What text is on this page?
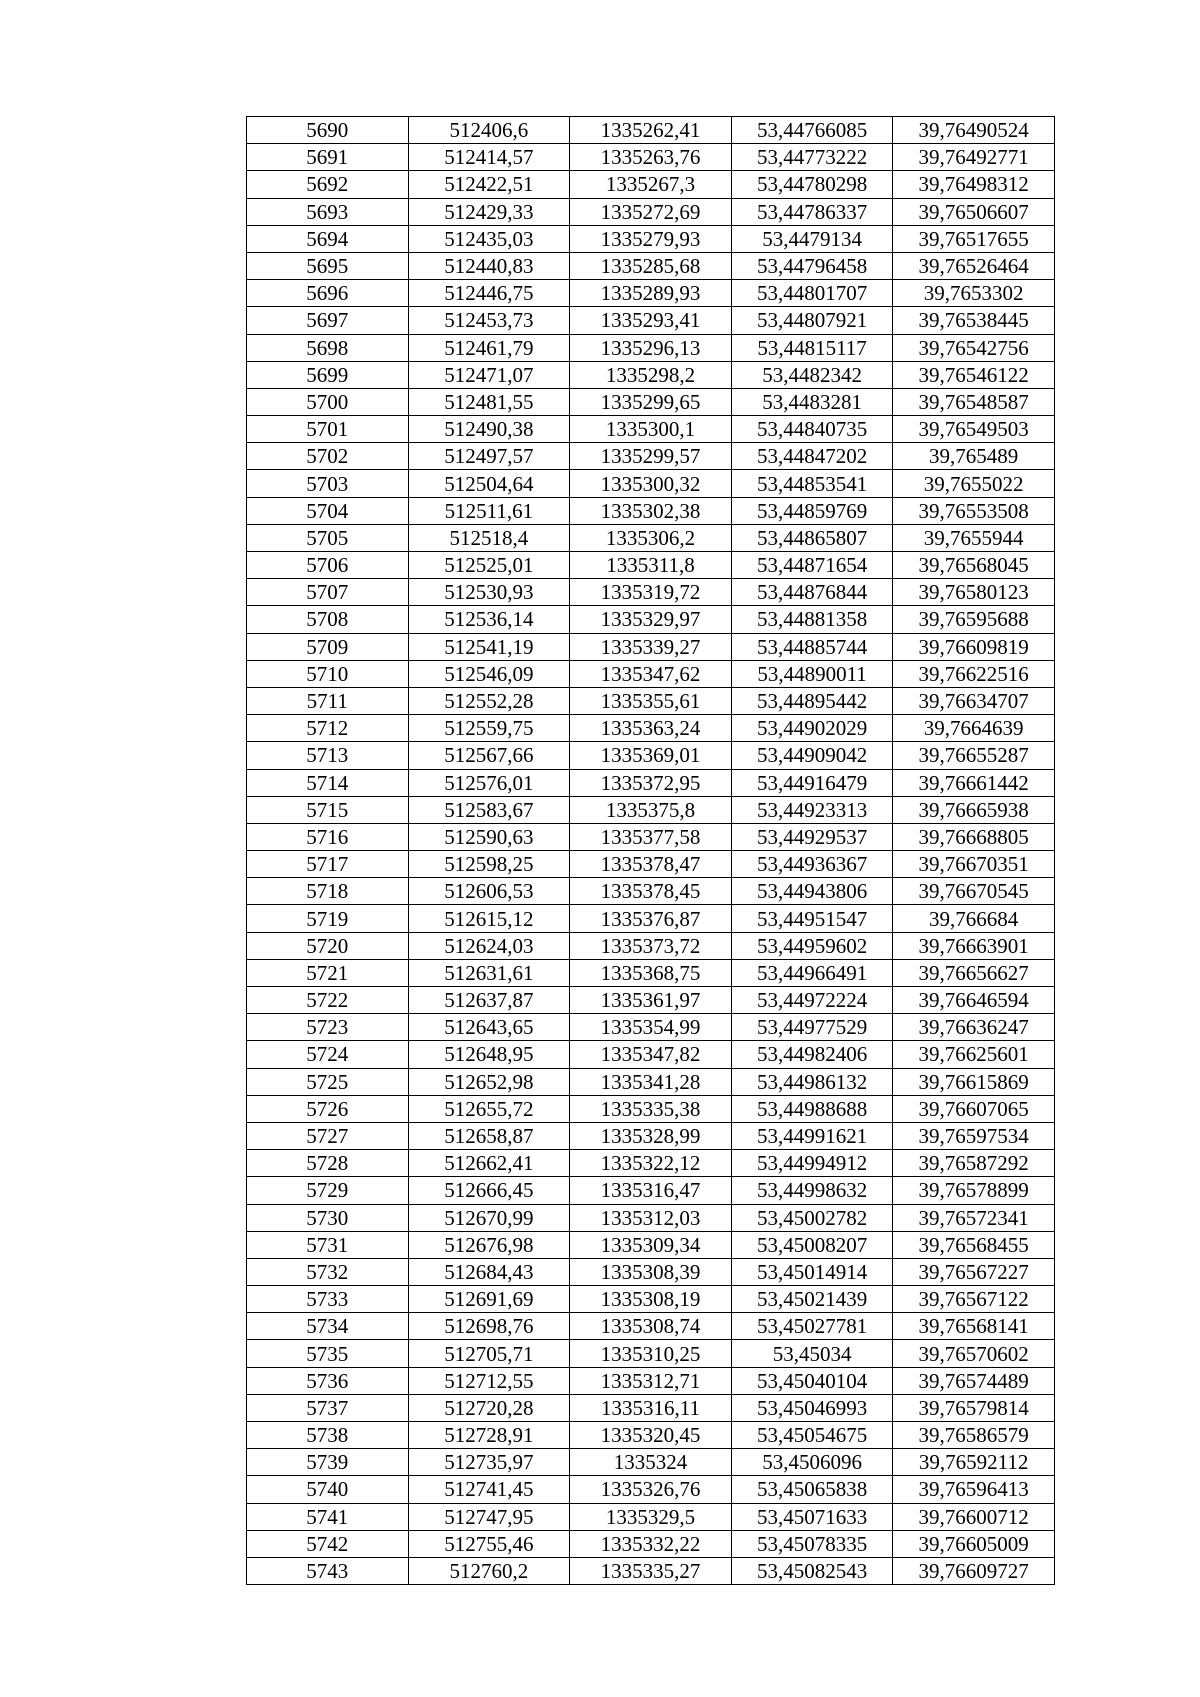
5690	512406,6	1335262,41	53,44766085	39,76490524
5691	512414,57	1335263,76	53,44773222	39,76492771
5692	512422,51	1335267,3	53,44780298	39,76498312
5693	512429,33	1335272,69	53,44786337	39,76506607
5694	512435,03	1335279,93	53,4479134	39,76517655
5695	512440,83	1335285,68	53,44796458	39,76526464
5696	512446,75	1335289,93	53,44801707	39,7653302
5697	512453,73	1335293,41	53,44807921	39,76538445
5698	512461,79	1335296,13	53,44815117	39,76542756
5699	512471,07	1335298,2	53,4482342	39,76546122
5700	512481,55	1335299,65	53,4483281	39,76548587
5701	512490,38	1335300,1	53,44840735	39,76549503
5702	512497,57	1335299,57	53,44847202	39,765489
5703	512504,64	1335300,32	53,44853541	39,7655022
5704	512511,61	1335302,38	53,44859769	39,76553508
5705	512518,4	1335306,2	53,44865807	39,7655944
5706	512525,01	1335311,8	53,44871654	39,76568045
5707	512530,93	1335319,72	53,44876844	39,76580123
5708	512536,14	1335329,97	53,44881358	39,76595688
5709	512541,19	1335339,27	53,44885744	39,76609819
5710	512546,09	1335347,62	53,44890011	39,76622516
5711	512552,28	1335355,61	53,44895442	39,76634707
5712	512559,75	1335363,24	53,44902029	39,7664639
5713	512567,66	1335369,01	53,44909042	39,76655287
5714	512576,01	1335372,95	53,44916479	39,76661442
5715	512583,67	1335375,8	53,44923313	39,76665938
5716	512590,63	1335377,58	53,44929537	39,76668805
5717	512598,25	1335378,47	53,44936367	39,76670351
5718	512606,53	1335378,45	53,44943806	39,76670545
5719	512615,12	1335376,87	53,44951547	39,766684
5720	512624,03	1335373,72	53,44959602	39,76663901
5721	512631,61	1335368,75	53,44966491	39,76656627
5722	512637,87	1335361,97	53,44972224	39,76646594
5723	512643,65	1335354,99	53,44977529	39,76636247
5724	512648,95	1335347,82	53,44982406	39,76625601
5725	512652,98	1335341,28	53,44986132	39,76615869
5726	512655,72	1335335,38	53,44988688	39,76607065
5727	512658,87	1335328,99	53,44991621	39,76597534
5728	512662,41	1335322,12	53,44994912	39,76587292
5729	512666,45	1335316,47	53,44998632	39,76578899
5730	512670,99	1335312,03	53,45002782	39,76572341
5731	512676,98	1335309,34	53,45008207	39,76568455
5732	512684,43	1335308,39	53,45014914	39,76567227
5733	512691,69	1335308,19	53,45021439	39,76567122
5734	512698,76	1335308,74	53,45027781	39,76568141
5735	512705,71	1335310,25	53,45034	39,76570602
5736	512712,55	1335312,71	53,45040104	39,76574489
5737	512720,28	1335316,11	53,45046993	39,76579814
5738	512728,91	1335320,45	53,45054675	39,76586579
5739	512735,97	1335324	53,4506096	39,76592112
5740	512741,45	1335326,76	53,45065838	39,76596413
5741	512747,95	1335329,5	53,45071633	39,76600712
5742	512755,46	1335332,22	53,45078335	39,76605009
5743	512760,2	1335335,27	53,45082543	39,76609727
